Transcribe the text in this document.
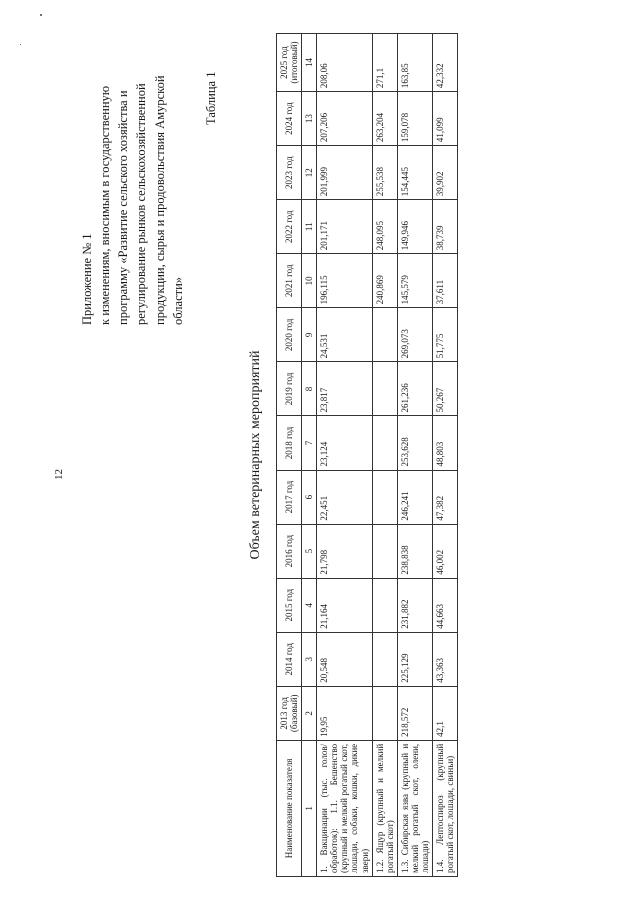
12
Приложение № 1 к изменениям, вносимым в государственную программу «Развитие сельского хозяйства и регулирование рынков сельскохозяйственной продукции, сырья и продовольствия Амурской области»
Таблица 1
Объем ветеринарных мероприятий
Наименование показателя	2013 год (базовый)	2014 год	2015 год	2016 год	2017 год	2018 год	2019 год	2020 год	2021 год	2022 год	2023 год	2024 год	2025 год (итоговый)
1	2	3	4	5	6	7	8	9	10	11	12	13	14
1. Вакцинации (тыс. голов/обработок): 1.1. Бешенство (крупный и мелкий рогатый скот, лошади, собаки, кошки, дикие звери)	19,95	20,548	21,164	21,798	22,451	23,124	23,817	24,531	196,115	201,171	201,999	207,206	208,06
1.2. Ящур (крупный и мелкий рогатый скот)									240,869	248,095	255,538	263,204	271,1
1.3. Сибирская язва (крупный и мелкий рогатый скот, олени, лошади)	218,572	225,129	231,882	238,838	246,241	253,628	261,236	269,073	145,579	149,946	154,445	159,078	163,85
1.4. Лептоспироз (крупный рогатый скот, лошади, свиньи)	42,1	43,363	44,663	46,002	47,382	48,803	50,267	51,775	37,611	38,739	39,902	41,099	42,332
